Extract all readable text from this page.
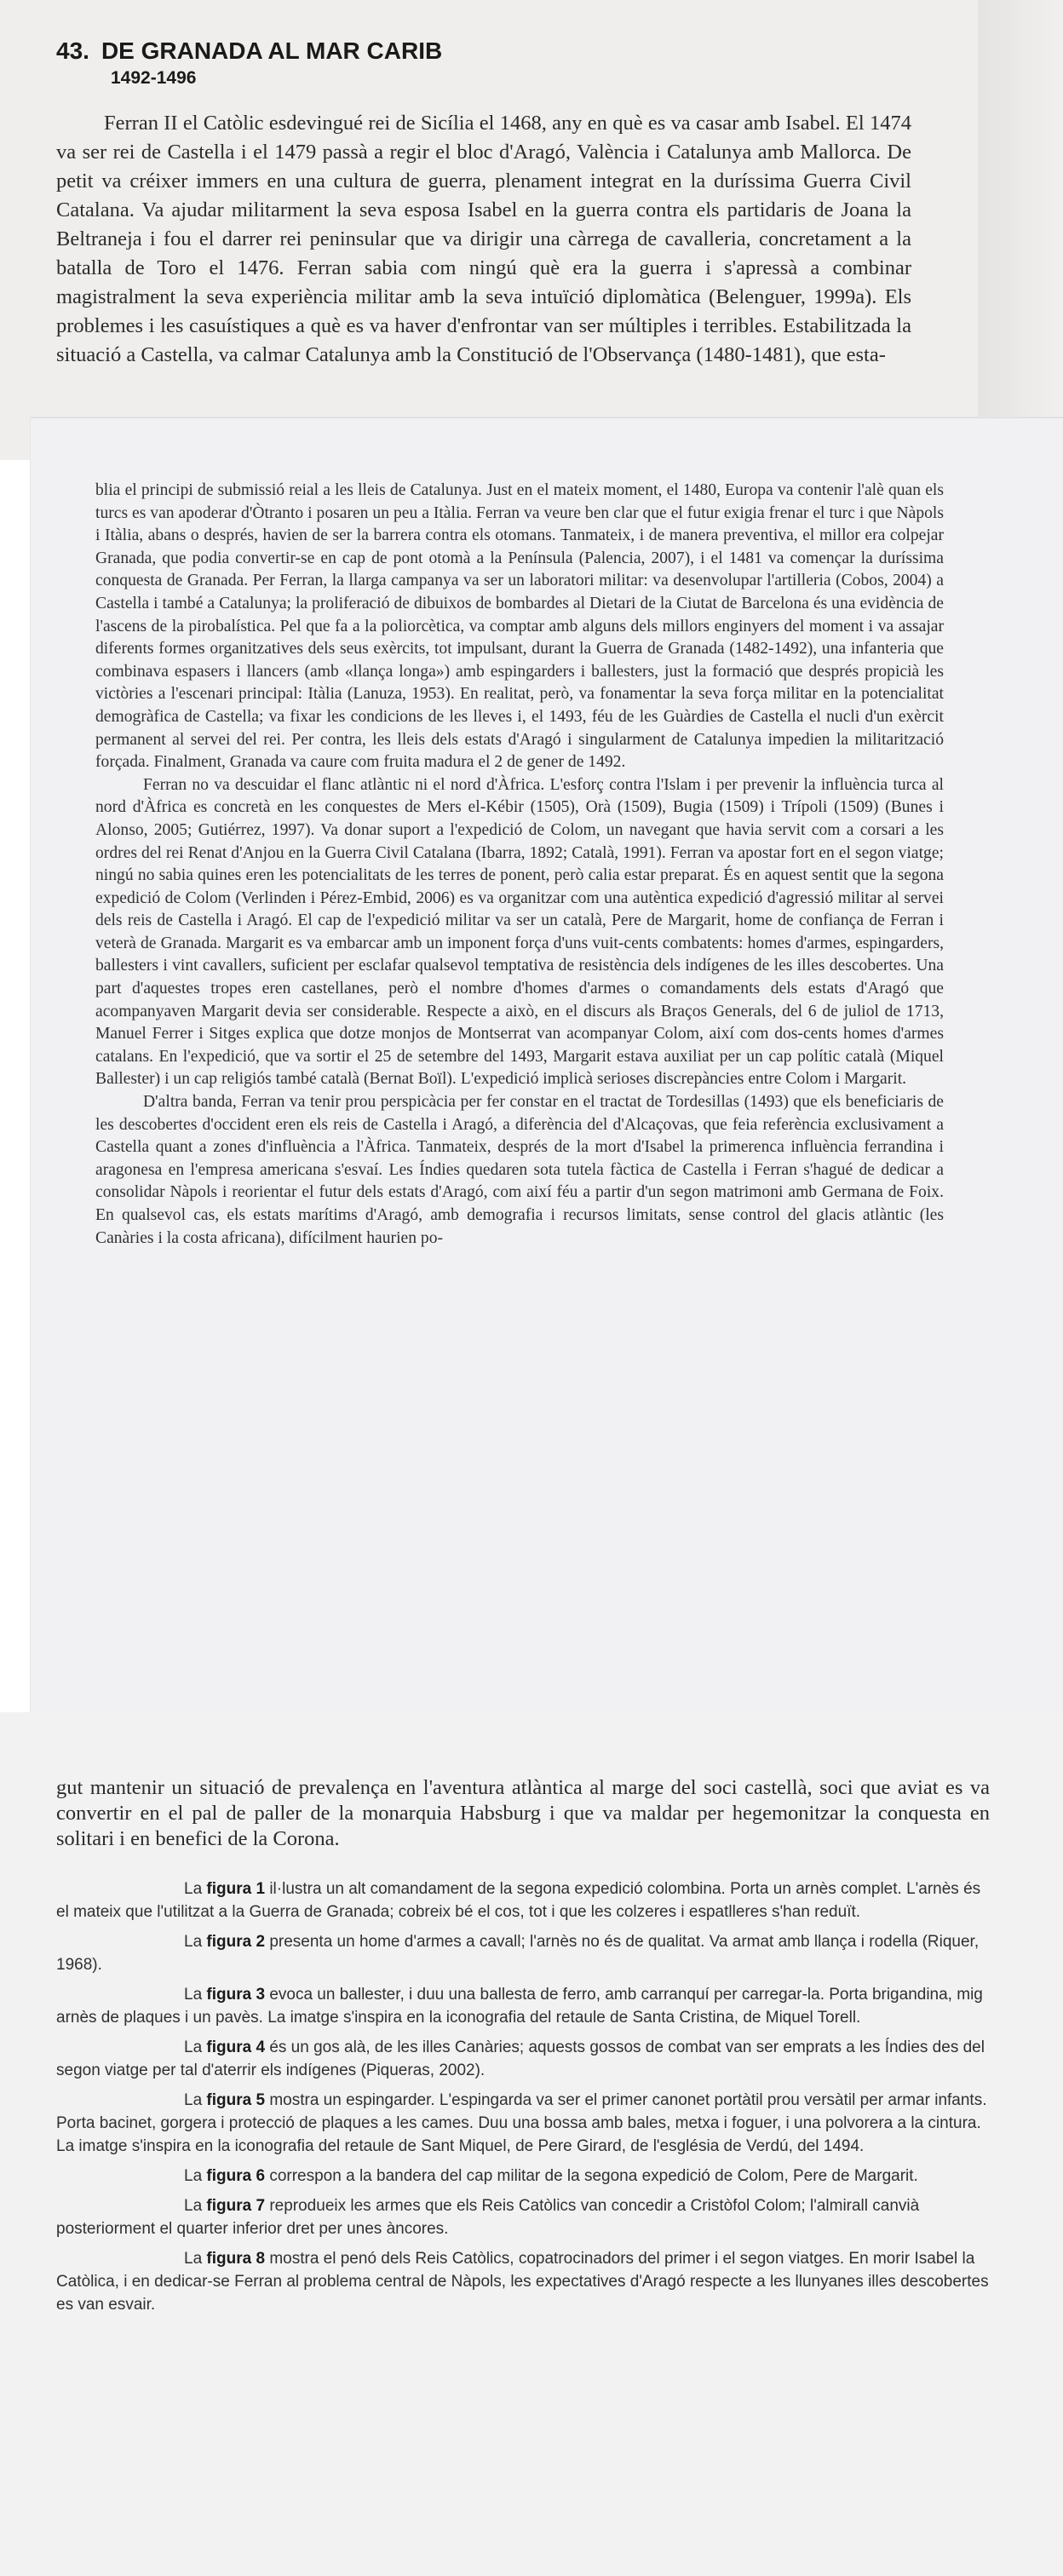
43. DE GRANADA AL MAR CARIB
1492-1496

Ferran II el Catòlic esdevingué rei de Sicília el 1468, any en què es va casar amb Isabel. El 1474 va ser rei de Castella i el 1479 passà a regir el bloc d'Aragó, València i Catalunya amb Mallorca. De petit va créixer immers en una cultura de guerra, plenament integrat en la duríssima Guerra Civil Catalana. Va ajudar militarment la seva esposa Isabel en la guerra contra els partidaris de Joana la Beltraneja i fou el darrer rei peninsular que va dirigir una càrrega de cavalleria, concretament a la batalla de Toro el 1476. Ferran sabia com ningú què era la guerra i s'apressà a combinar magistralment la seva experiència militar amb la seva intuïció diplomàtica (Belenguer, 1999a). Els problemes i les casuístiques a què es va haver d'enfrontar van ser múltiples i terribles. Estabilitzada la situació a Castella, va calmar Catalunya amb la Constitució de l'Observança (1480-1481), que esta-

blia el principi de submissió reial a les lleis de Catalunya. Just en el mateix moment, el 1480, Europa va contenir l'alè quan els turcs es van apoderar d'Òtranto i posaren un peu a Itàlia. Ferran va veure ben clar que el futur exigia frenar el turc i que Nàpols i Itàlia, abans o després, havien de ser la barrera contra els otomans. Tanmateix, i de manera preventiva, el millor era colpejar Granada, que podia convertir-se en cap de pont otomà a la Península (Palencia, 2007), i el 1481 va començar la duríssima conquesta de Granada. Per Ferran, la llarga campanya va ser un laboratori militar: va desenvolupar l'artilleria (Cobos, 2004) a Castella i també a Catalunya; la proliferació de dibuixos de bombardes al Dietari de la Ciutat de Barcelona és una evidència de l'ascens de la pirobalística. Pel que fa a la poliorcètica, va comptar amb alguns dels millors enginyers del moment i va assajar diferents formes organitzatives dels seus exèrcits, tot impulsant, durant la Guerra de Granada (1482-1492), una infanteria que combinava espasers i llancers (amb «llança longa») amb espingarders i ballesters, just la formació que després propicià les victòries a l'escenari principal: Itàlia (Lanuza, 1953). En realitat, però, va fonamentar la seva força militar en la potencialitat demogràfica de Castella; va fixar les condicions de les lleves i, el 1493, féu de les Guàrdies de Castella el nucli d'un exèrcit permanent al servei del rei. Per contra, les lleis dels estats d'Aragó i singularment de Catalunya impedien la militarització forçada. Finalment, Granada va caure com fruita madura el 2 de gener de 1492.

Ferran no va descuidar el flanc atlàntic ni el nord d'Àfrica. L'esforç contra l'Islam i per prevenir la influència turca al nord d'Àfrica es concretà en les conquestes de Mers el-Kébir (1505), Orà (1509), Bugia (1509) i Trípoli (1509) (Bunes i Alonso, 2005; Gutiérrez, 1997). Va donar suport a l'expedició de Colom, un navegant que havia servit com a corsari a les ordres del rei Renat d'Anjou en la Guerra Civil Catalana (Ibarra, 1892; Català, 1991). Ferran va apostar fort en el segon viatge; ningú no sabia quines eren les potencialitats de les terres de ponent, però calia estar preparat. És en aquest sentit que la segona expedició de Colom (Verlinden i Pérez-Embid, 2006) es va organitzar com una autèntica expedició d'agressió militar al servei dels reis de Castella i Aragó. El cap de l'expedició militar va ser un català, Pere de Margarit, home de confiança de Ferran i veterà de Granada. Margarit es va embarcar amb un imponent força d'uns vuit-cents combatents: homes d'armes, espingarders, ballesters i vint cavallers, suficient per esclafar qualsevol temptativa de resistència dels indígenes de les illes descobertes. Una part d'aquestes tropes eren castellanes, però el nombre d'homes d'armes o comandaments dels estats d'Aragó que acompanyaven Margarit devia ser considerable. Respecte a això, en el discurs als Braços Generals, del 6 de juliol de 1713, Manuel Ferrer i Sitges explica que dotze monjos de Montserrat van acompanyar Colom, així com dos-cents homes d'armes catalans. En l'expedició, que va sortir el 25 de setembre del 1493, Margarit estava auxiliat per un cap polític català (Miquel Ballester) i un cap religiós també català (Bernat Boïl). L'expedició implicà serioses discrepàncies entre Colom i Margarit.

D'altra banda, Ferran va tenir prou perspicàcia per fer constar en el tractat de Tordesillas (1493) que els beneficiaris de les descobertes d'occident eren els reis de Castella i Aragó, a diferència del d'Alcaçovas, que feia referència exclusivament a Castella quant a zones d'influència a l'Àfrica. Tanmateix, després de la mort d'Isabel la primerenca influència ferrandina i aragonesa en l'empresa americana s'esvaí. Les Índies quedaren sota tutela fàctica de Castella i Ferran s'hagué de dedicar a consolidar Nàpols i reorientar el futur dels estats d'Aragó, com així féu a partir d'un segon matrimoni amb Germana de Foix. En qualsevol cas, els estats marítims d'Aragó, amb demografia i recursos limitats, sense control del glacis atlàntic (les Canàries i la costa africana), difícilment haurien po-

gut mantenir un situació de prevalença en l'aventura atlàntica al marge del soci castellà, soci que aviat es va convertir en el pal de paller de la monarquia Habsburg i que va maldar per hegemonitzar la conquesta en solitari i en benefici de la Corona.

La figura 1 il·lustra un alt comandament de la segona expedició colombina. Porta un arnès complet. L'arnès és el mateix que l'utilitzat a la Guerra de Granada; cobreix bé el cos, tot i que les colzeres i espatlleres s'han reduït.

La figura 2 presenta un home d'armes a cavall; l'arnès no és de qualitat. Va armat amb llança i rodella (Riquer, 1968).

La figura 3 evoca un ballester, i duu una ballesta de ferro, amb carranquí per carregar-la. Porta brigandina, mig arnès de plaques i un pavès. La imatge s'inspira en la iconografia del retaule de Santa Cristina, de Miquel Torell.

La figura 4 és un gos alà, de les illes Canàries; aquests gossos de combat van ser emprats a les Índies des del segon viatge per tal d'aterrir els indígenes (Piqueras, 2002).

La figura 5 mostra un espingarder. L'espingarda va ser el primer canonet portàtil prou versàtil per armar infants. Porta bacinet, gorgera i protecció de plaques a les cames. Duu una bossa amb bales, metxa i foguer, i una polvorera a la cintura. La imatge s'inspira en la iconografia del retaule de Sant Miquel, de Pere Girard, de l'església de Verdú, del 1494.

La figura 6 correspon a la bandera del cap militar de la segona expedició de Colom, Pere de Margarit.

La figura 7 reprodueix les armes que els Reis Catòlics van concedir a Cristòfol Colom; l'almirall canvià posteriorment el quarter inferior dret per unes àncores.

La figura 8 mostra el penó dels Reis Catòlics, copatrocinadors del primer i el segon viatges. En morir Isabel la Catòlica, i en dedicar-se Ferran al problema central de Nàpols, les expectatives d'Aragó respecte a les llunyanes illes descobertes es van esvair.
